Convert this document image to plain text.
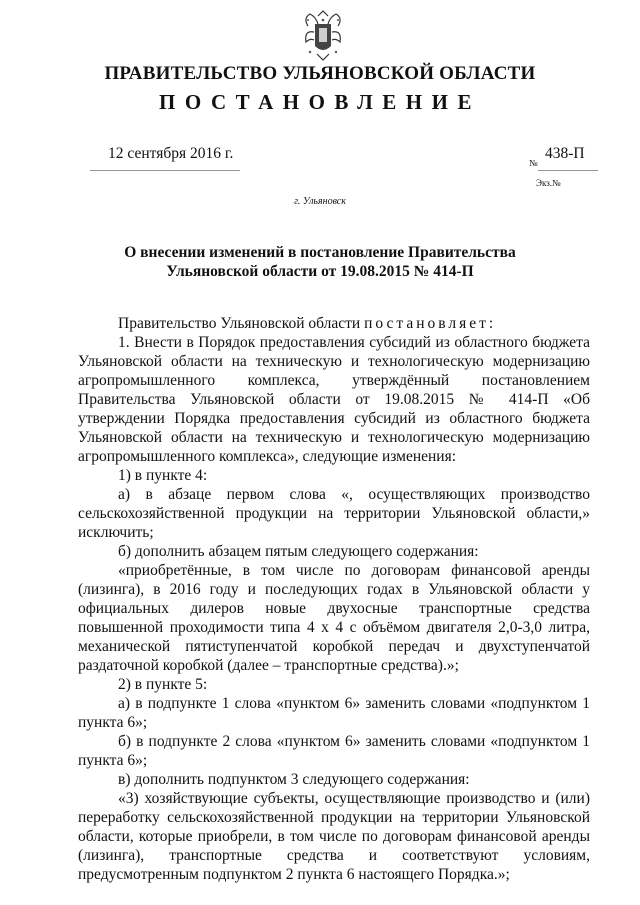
ПРАВИТЕЛЬСТВО УЛЬЯНОВСКОЙ ОБЛАСТИ
ПОСТАНОВЛЕНИЕ
12 сентября 2016 г.
№
438-П
Экз.№
г. Ульяновск
О внесении изменений в постановление Правительства
Ульяновской области от 19.08.2015 № 414-П

Правительство Ульяновской области постановляет:

1. Внести в Порядок предоставления субсидий из областного бюджета Ульяновской области на техническую и технологическую модернизацию агропромышленного комплекса, утверждённый постановлением Правительства Ульяновской области от 19.08.2015 № 414-П «Об утверждении Порядка предоставления субсидий из областного бюджета Ульяновской области на техническую и технологическую модернизацию агропромышленного комплекса», следующие изменения:

1) в пункте 4:

а) в абзаце первом слова «, осуществляющих производство сельскохозяйственной продукции на территории Ульяновской области,» исключить;

б) дополнить абзацем пятым следующего содержания:

«приобретённые, в том числе по договорам финансовой аренды (лизинга), в 2016 году и последующих годах в Ульяновской области у официальных дилеров новые двухосные транспортные средства повышенной проходимости типа 4 х 4 с объёмом двигателя 2,0-3,0 литра, механической пятиступенчатой коробкой передач и двухступенчатой раздаточной коробкой (далее – транспортные средства).»;

2) в пункте 5:

а) в подпункте 1 слова «пунктом 6» заменить словами «подпунктом 1 пункта 6»;

б) в подпункте 2 слова «пунктом 6» заменить словами «подпунктом 1 пункта 6»;

в) дополнить подпунктом 3 следующего содержания:

«3) хозяйствующие субъекты, осуществляющие производство и (или) переработку сельскохозяйственной продукции на территории Ульяновской области, которые приобрели, в том числе по договорам финансовой аренды (лизинга), транспортные средства и соответствуют условиям, предусмотренным подпунктом 2 пункта 6 настоящего Порядка.»;
